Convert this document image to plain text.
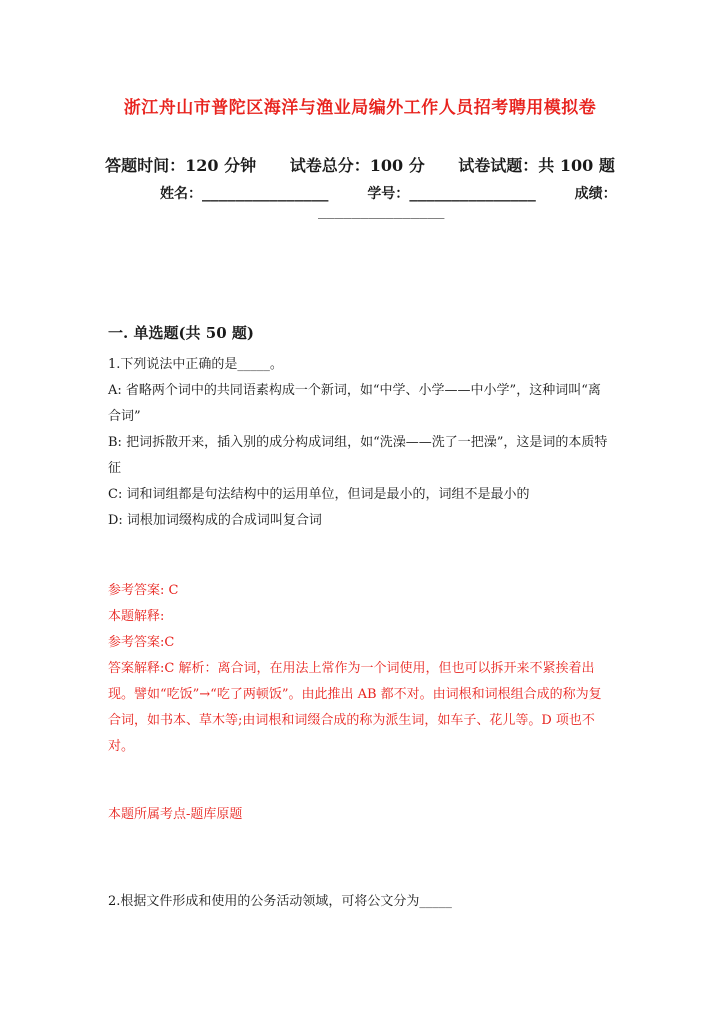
浙江舟山市普陀区海洋与渔业局编外工作人员招考聘用模拟卷
答题时间：120 分钟 试卷总分：100 分 试卷试题：共 100 题
姓名：_______________	学号：_______________	成绩：
_______________
一. 单选题(共 50 题)
1.下列说法中正确的是_____。
A: 省略两个词中的共同语素构成一个新词，如“中学、小学——中小学”，这种词叫“离合词”
B: 把词拆散开来，插入别的成分构成词组，如“洗澡——洗了一把澡”，这是词的本质特征
C: 词和词组都是句法结构中的运用单位，但词是最小的，词组不是最小的
D: 词根加词缀构成的合成词叫复合词
参考答案: C
本题解释:
参考答案:C
答案解释:C 解析：离合词，在用法上常作为一个词使用，但也可以拆开来不紧挨着出现。譬如“吃饭”→“吃了两顿饭”。由此推出 AB 都不对。由词根和词根组合成的称为复合词，如书本、草木等;由词根和词缀合成的称为派生词，如车子、花儿等。D 项也不对。
本题所属考点-题库原题
2.根据文件形成和使用的公务活动领域，可将公文分为_____
